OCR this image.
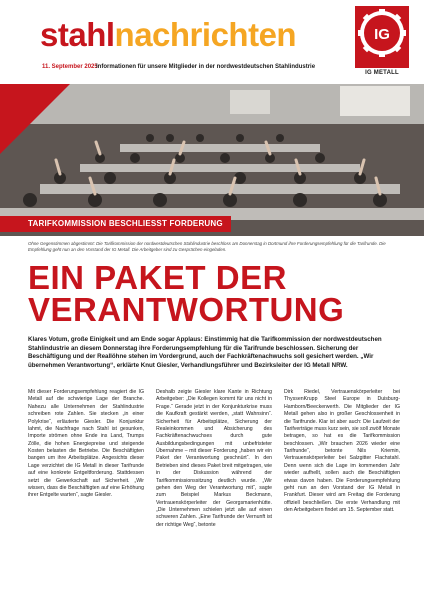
stahlnachrichten
11. September 2025
Informationen für unsere Mitglieder in der nordwestdeutschen Stahlindustrie
IG
IG METALL
TARIFKOMMISSION BESCHLIESST FORDERUNG
Ohne Gegenstimmen abgestimmt: Die Tarifkommission der nordwestdeutschen Stahlindustrie beschloss am Donnerstag in Dortmund ihre Forderungsempfehlung für die Tarifrunde. Die Empfehlung geht nun an den Vorstand der IG Metall. Die Arbeitgeber sind zu Gesprächen eingeladen.
EIN PAKET DER VERANTWORTUNG
Klares Votum, große Einigkeit und am Ende sogar Applaus: Einstimmig hat die Tarifkommission der nordwestdeutschen Stahlindustrie an diesem Donnerstag ihre Forderungsempfehlung für die Tarifrunde beschlossen. Sicherung der Beschäftigung und der Reallöhne stehen im Vordergrund, auch der Fachkräftenachwuchs soll gesichert werden. „Wir übernehmen Verantwortung“, erklärte Knut Giesler, Verhandlungsführer und Bezirksleiter der IG Metall NRW.
Mit dieser Forderungsempfehlung reagiert die IG Metall auf die schwierige Lage der Branche. Nahezu alle Unternehmen der Stahlindustrie schreiben rote Zahlen. Sie stecken „in einer Polykrise“, erläuterte Giesler. Die Konjunktur lahmt, die Nachfrage nach Stahl ist gesunken, Importe strömen ohne Ende ins Land, Trumps Zölle, die hohen Energiepreise und steigende Kosten belasten die Betriebe. Die Beschäftigten bangen um ihre Arbeitsplätze. Angesichts dieser Lage verzichtet die IG Metall in dieser Tarifrunde auf eine konkrete Entgeltforderung. Stattdessen setzt die Gewerkschaft auf Sicherheit. „Wir wissen, dass die Beschäftigten auf eine Erhöhung ihrer Entgelte warten“, sagte Giesler.
Deshalb zeigte Giesler klare Kante in Richtung Arbeitgeber: „Die Kollegen kommt für uns nicht in Frage.“ Gerade jetzt in der Konjunkturkrise muss die Kaufkraft gestärkt werden, „statt Wahnsinn“. Sicherheit für Arbeitsplätze, Sicherung der Realeinkommen und Absicherung des Fachkräftenachwuchses durch gute Ausbildungsbedingungen mit unbefristeter Übernahme – mit dieser Forderung „haben wir ein Paket der Verantwortung geschnürt“. In den Betrieben sind dieses Paket breit mitgetragen, wie in der Diskussion während der Tarifkommissionssitzung deutlich wurde. „Wir gehen den Weg der Verantwortung mit“, sagte zum Beispiel Markus Beckmann, Vertrauenskörperleiter der Georgsmarienhütte. „Die Unternehmen schielen jetzt alle auf einen schweren Zahlen. „Eine Tarifrunde der Vernunft ist der richtige Weg“, betonte
Dirk Riedel, Vertrauenskörperleiter bei ThyssenKrupp Steel Europe in Duisburg-Hamborn/Beeckerwerth. Die Mitglieder der IG Metall gehen also in großer Geschlossenheit in die Tarifrunde. Klar ist aber auch: Die Laufzeit der Tarifverträge muss kurz sein, sie soll zwölf Monate betragen, so hat es die Tarifkommission beschlossen. „Wir brauchen 2026 wieder eine Tarifrunde“, betonte Nils Kriemin, Vertrauenskörperleiter bei Salzgitter Flachstahl. Denn wenn sich die Lage im kommenden Jahr wieder aufhellt, sollen auch die Beschäftigten etwas davon haben. Die Forderungsempfehlung geht nun an den Vorstand der IG Metall in Frankfurt. Dieser wird am Freitag die Forderung offiziell beschließen. Die erste Verhandlung mit den Arbeitgebern findet am 15. September statt.
